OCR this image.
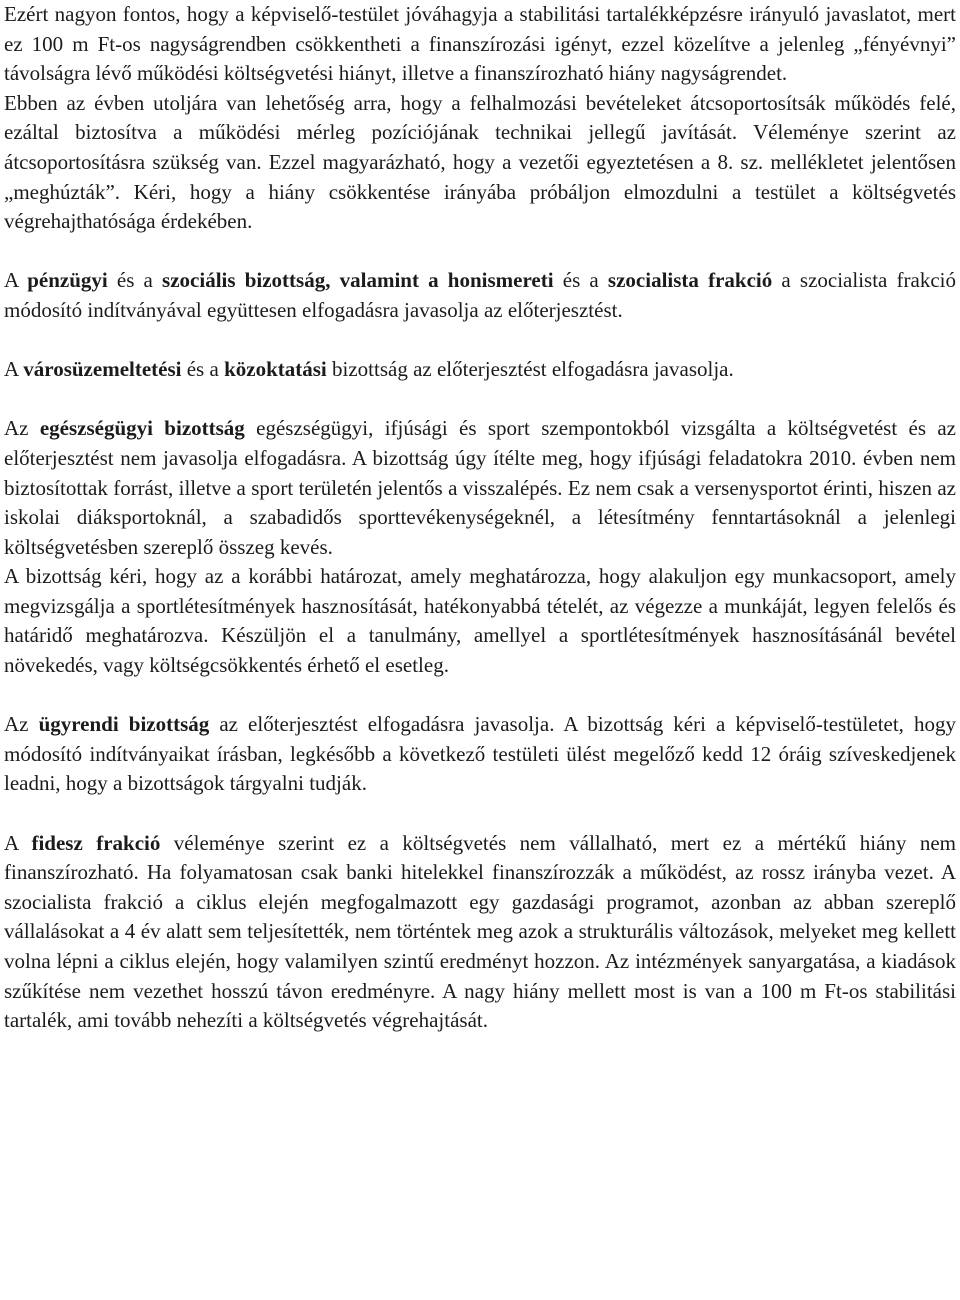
Ezért nagyon fontos, hogy a képviselő-testület jóváhagyja a stabilitási tartalékképzésre irányuló javaslatot, mert ez 100 m Ft-os nagyságrendben csökkentheti a finanszírozási igényt, ezzel közelítve a jelenleg „fényévnyi” távolságra lévő működési költségvetési hiányt, illetve a finanszírozható hiány nagyságrendet.

Ebben az évben utoljára van lehetőség arra, hogy a felhalmozási bevételeket átcsoportosítsák működés felé, ezáltal biztosítva a működési mérleg pozíciójának technikai jellegű javítását. Véleménye szerint az átcsoportosításra szükség van. Ezzel magyarázható, hogy a vezetői egyeztetésen a 8. sz. mellékletet jelentősen „meghúzták”. Kéri, hogy a hiány csökkentése irányába próbáljon elmozdulni a testület a költségvetés végrehajthatósága érdekében.

A pénzügyi és a szociális bizottság, valamint a honismereti és a szocialista frakció a szocialista frakció módosító indítványával együttesen elfogadásra javasolja az előterjesztést.

A városüzemeltetési és a közoktatási bizottság az előterjesztést elfogadásra javasolja.

Az egészségügyi bizottság egészségügyi, ifjúsági és sport szempontokból vizsgálta a költségvetést és az előterjesztést nem javasolja elfogadásra. A bizottság úgy ítélte meg, hogy ifjúsági feladatokra 2010. évben nem biztosítottak forrást, illetve a sport területén jelentős a visszalépés. Ez nem csak a versenysportot érinti, hiszen az iskolai diáksportoknál, a szabadidős sporttevékenységeknél, a létesítmény fenntartásoknál a jelenlegi költségvetésben szereplő összeg kevés.

A bizottság kéri, hogy az a korábbi határozat, amely meghatározza, hogy alakuljon egy munkacsoport, amely megvizsgálja a sportlétesítmények hasznosítását, hatékonyabbá tételét, az végezze a munkáját, legyen felelős és határidő meghatározva. Készüljön el a tanulmány, amellyel a sportlétesítmények hasznosításánál bevétel növekedés, vagy költségcsökkentés érhető el esetleg.

Az ügyrendi bizottság az előterjesztést elfogadásra javasolja. A bizottság kéri a képviselő-testületet, hogy módosító indítványaikat írásban, legkésőbb a következő testületi ülést megelőző kedd 12 óráig szíveskedjenek leadni, hogy a bizottságok tárgyalni tudják.

A fidesz frakció véleménye szerint ez a költségvetés nem vállalható, mert ez a mértékű hiány nem finanszírozható. Ha folyamatosan csak banki hitelekkel finanszírozzák a működést, az rossz irányba vezet. A szocialista frakció a ciklus elején megfogalmazott egy gazdasági programot, azonban az abban szereplő vállalásokat a 4 év alatt sem teljesítették, nem történtek meg azok a strukturális változások, melyeket meg kellett volna lépni a ciklus elején, hogy valamilyen szintű eredményt hozzon. Az intézmények sanyargatása, a kiadások szűkítése nem vezethet hosszú távon eredményre. A nagy hiány mellett most is van a 100 m Ft-os stabilitási tartalék, ami tovább nehezíti a költségvetés végrehajtását.
